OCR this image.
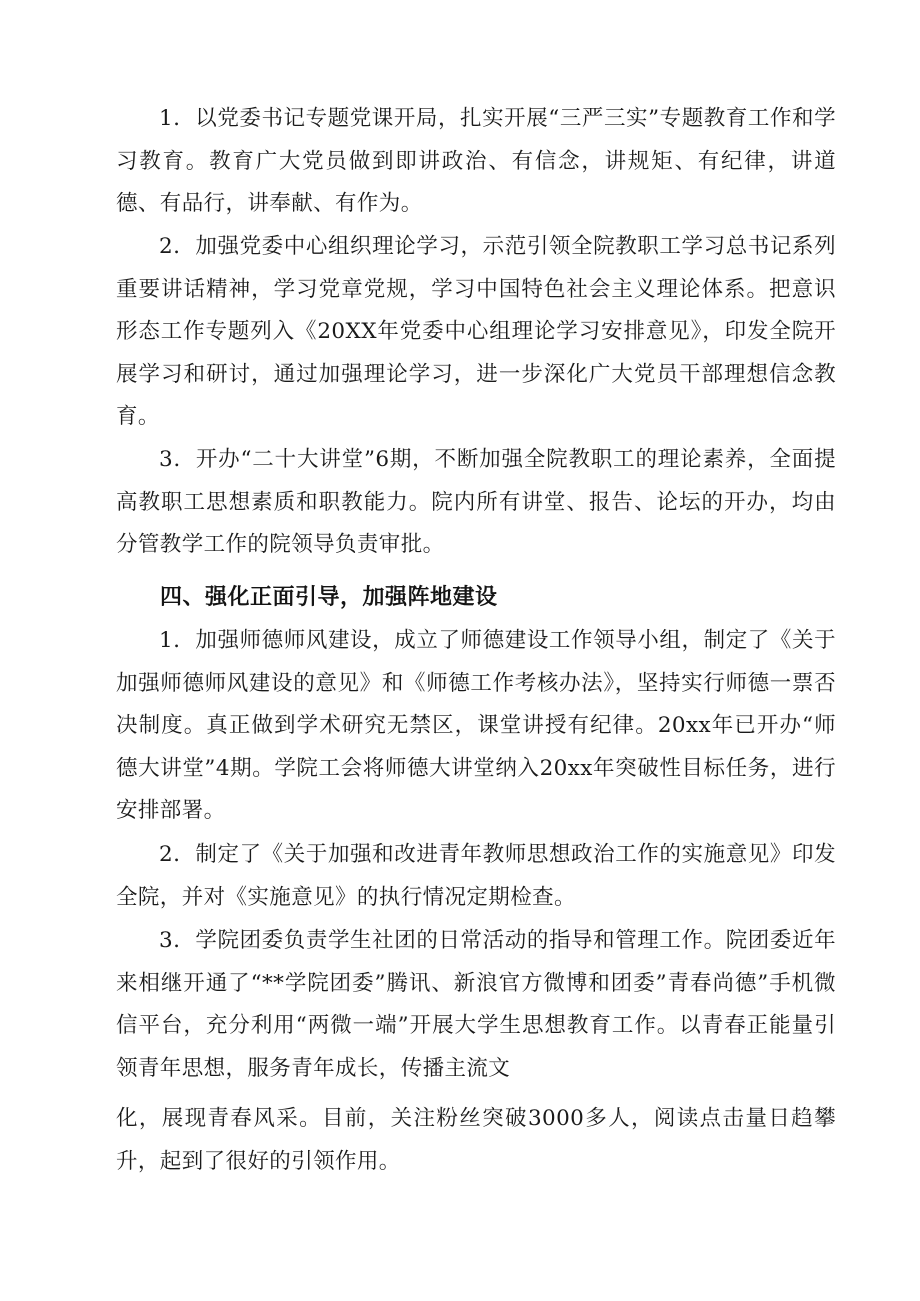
1．以党委书记专题党课开局，扎实开展“三严三实”专题教育工作和学习教育。教育广大党员做到即讲政治、有信念，讲规矩、有纪律，讲道德、有品行，讲奉献、有作为。

2．加强党委中心组织理论学习，示范引领全院教职工学习总书记系列重要讲话精神，学习党章党规，学习中国特色社会主义理论体系。把意识形态工作专题列入《20XX年党委中心组理论学习安排意见》，印发全院开展学习和研讨，通过加强理论学习，进一步深化广大党员干部理想信念教育。

3．开办“二十大讲堂”6期，不断加强全院教职工的理论素养，全面提高教职工思想素质和职教能力。院内所有讲堂、报告、论坛的开办，均由分管教学工作的院领导负责审批。

四、强化正面引导，加强阵地建设

1．加强师德师风建设，成立了师德建设工作领导小组，制定了《关于加强师德师风建设的意见》和《师德工作考核办法》，坚持实行师德一票否决制度。真正做到学术研究无禁区，课堂讲授有纪律。20xx年已开办“师德大讲堂”4期。学院工会将师德大讲堂纳入20xx年突破性目标任务，进行安排部署。

2．制定了《关于加强和改进青年教师思想政治工作的实施意见》印发全院，并对《实施意见》的执行情况定期检查。

3．学院团委负责学生社团的日常活动的指导和管理工作。院团委近年来相继开通了“**学院团委”腾讯、新浪官方微博和团委”青春尚德”手机微信平台，充分利用“两微一端”开展大学生思想教育工作。以青春正能量引领青年思想，服务青年成长，传播主流文

化，展现青春风采。目前，关注粉丝突破3000多人，阅读点击量日趋攀升，起到了很好的引领作用。
